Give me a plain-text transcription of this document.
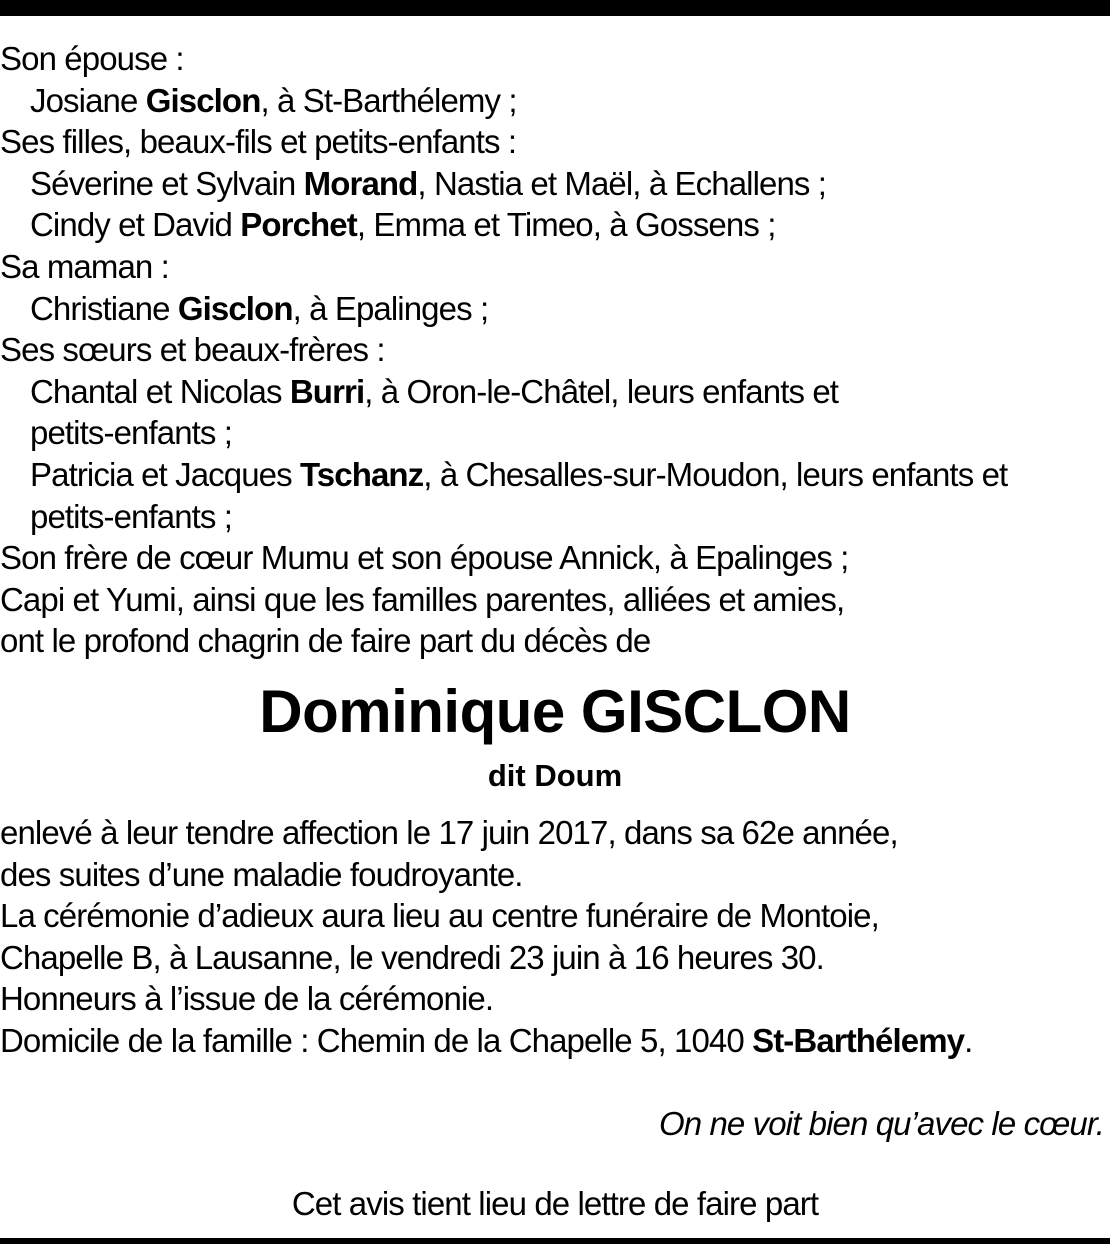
Son épouse :
Josiane Gisclon, à St-Barthélemy ;
Ses filles, beaux-fils et petits-enfants :
Séverine et Sylvain Morand, Nastia et Maël, à Echallens ;
Cindy et David Porchet, Emma et Timeo, à Gossens ;
Sa maman :
Christiane Gisclon, à Epalinges ;
Ses sœurs et beaux-frères :
Chantal et Nicolas Burri, à Oron-le-Châtel, leurs enfants et
petits-enfants ;
Patricia et Jacques Tschanz, à Chesalles-sur-Moudon, leurs enfants et
petits-enfants ;
Son frère de cœur Mumu et son épouse Annick, à Epalinges ;
Capi et Yumi, ainsi que les familles parentes, alliées et amies,
ont le profond chagrin de faire part du décès de
Dominique GISCLON
dit Doum
enlevé à leur tendre affection le 17 juin 2017, dans sa 62e année,
des suites d’une maladie foudroyante.
La cérémonie d’adieux aura lieu au centre funéraire de Montoie,
Chapelle B, à Lausanne, le vendredi 23 juin à 16 heures 30.
Honneurs à l’issue de la cérémonie.
Domicile de la famille : Chemin de la Chapelle 5, 1040 St-Barthélemy.
On ne voit bien qu’avec le cœur.
Cet avis tient lieu de lettre de faire part
